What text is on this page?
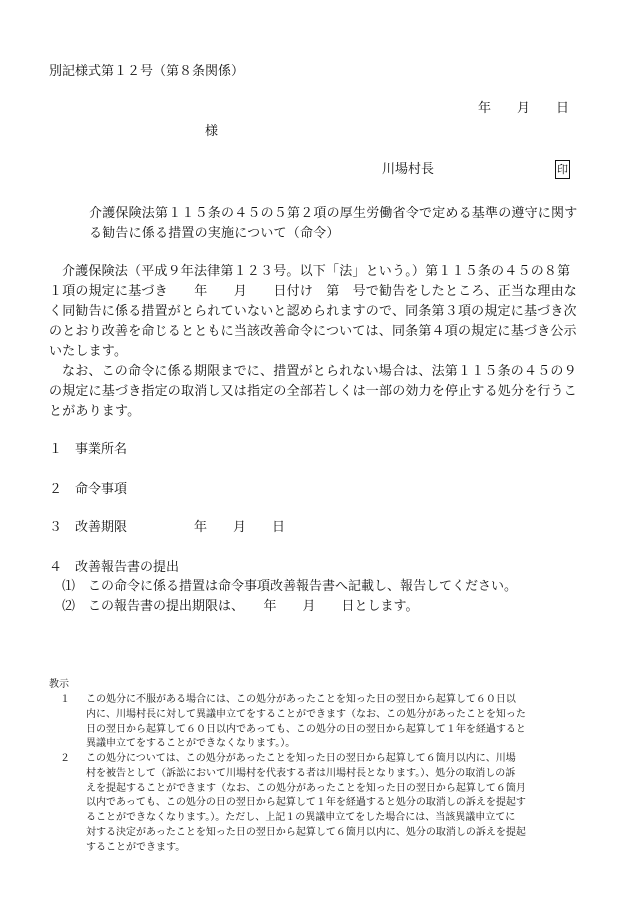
別記様式第１２号（第８条関係）
年　　月　　日
様
川場村長	印
介護保険法第１１５条の４５の５第２項の厚生労働省令で定める基準の遵守に関す
る勧告に係る措置の実施について（命令）
介護保険法（平成９年法律第１２３号。以下「法」という。）第１１５条の４５の８第
１項の規定に基づき　　年　　月　　日付け　第　号で勧告をしたところ、正当な理由な
く同勧告に係る措置がとられていないと認められますので、同条第３項の規定に基づき次
のとおり改善を命じるとともに当該改善命令については、同条第４項の規定に基づき公示
いたします。
なお、この命令に係る期限までに、措置がとられない場合は、法第１１５条の４５の９
の規定に基づき指定の取消し又は指定の全部若しくは一部の効力を停止する処分を行うこ
とがあります。
１　事業所名
２　命令事項
３　改善期限	年　　月　　日
４　改善報告書の提出
⑴ この命令に係る措置は命令事項改善報告書へ記載し、報告してください。
⑵ この報告書の提出期限は、　　年　　月　　日とします。
教示
１ この処分に不服がある場合には、この処分があったことを知った日の翌日から起算して６０日以
内に、川場村長に対して異議申立てをすることができます（なお、この処分があったことを知った
日の翌日から起算して６０日以内であっても、この処分の日の翌日から起算して１年を経過すると
異議申立てをすることができなくなります。）。
２ この処分については、この処分があったことを知った日の翌日から起算して６箇月以内に、川場
村を被告として（訴訟において川場村を代表する者は川場村長となります。）、処分の取消しの訴
えを提起することができます（なお、この処分があったことを知った日の翌日から起算して６箇月
以内であっても、この処分の日の翌日から起算して１年を経過すると処分の取消しの訴えを提起す
ることができなくなります。）。ただし、上記１の異議申立てをした場合には、当該異議申立てに
対する決定があったことを知った日の翌日から起算して６箇月以内に、処分の取消しの訴えを提起
することができます。
